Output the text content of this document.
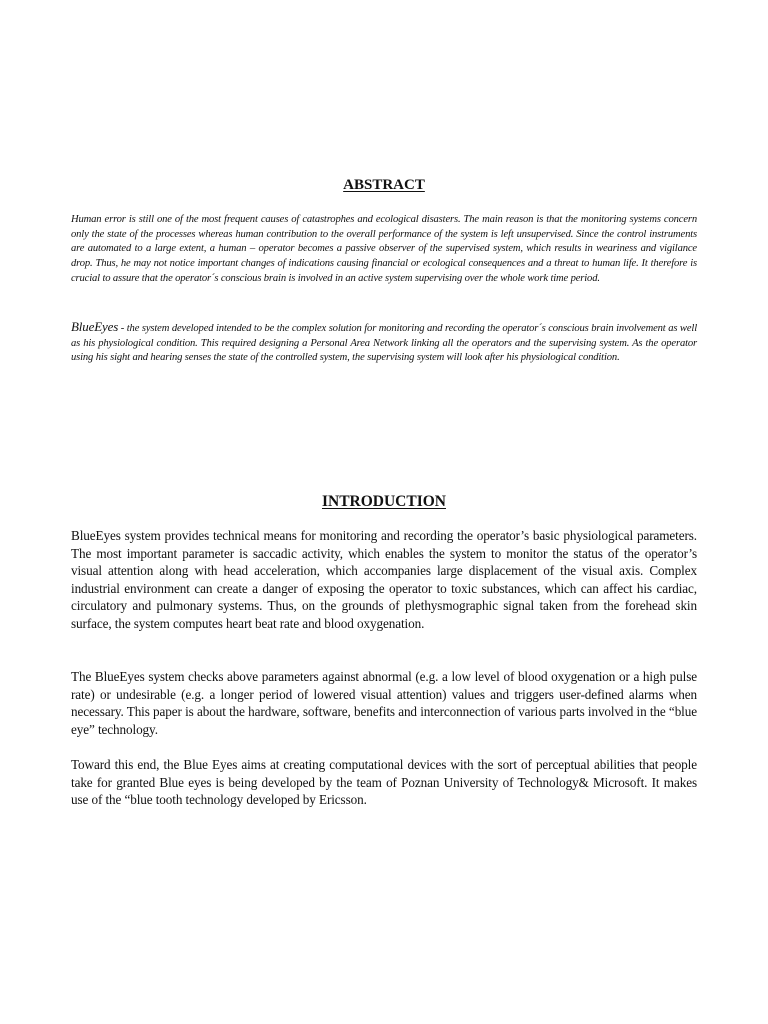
ABSTRACT

Human error is still one of the most frequent causes of catastrophes and ecological disasters. The main reason is that the monitoring systems concern only the state of the processes whereas human contribution to the overall performance of the system is left unsupervised. Since the control instruments are automated to a large extent, a human – operator becomes a passive observer of the supervised system, which results in weariness and vigilance drop. Thus, he may not notice important changes of indications causing financial or ecological consequences and a threat to human life. It therefore is crucial to assure that the operator´s conscious brain is involved in an active system supervising over the whole work time period.

BlueEyes - the system developed intended to be the complex solution for monitoring and recording the operator´s conscious brain involvement as well as his physiological condition. This required designing a Personal Area Network linking all the operators and the supervising system. As the operator using his sight and hearing senses the state of the controlled system, the supervising system will look after his physiological condition.

INTRODUCTION

BlueEyes system provides technical means for monitoring and recording the operator’s basic physiological parameters. The most important parameter is saccadic activity, which enables the system to monitor the status of the operator’s visual attention along with head acceleration, which accompanies large displacement of the visual axis. Complex industrial environment can create a danger of exposing the operator to toxic substances, which can affect his cardiac, circulatory and pulmonary systems. Thus, on the grounds of plethysmographic signal taken from the forehead skin surface, the system computes heart beat rate and blood oxygenation.

The BlueEyes system checks above parameters against abnormal (e.g. a low level of blood oxygenation or a high pulse rate) or undesirable (e.g. a longer period of lowered visual attention) values and triggers user-defined alarms when necessary. This paper is about the hardware, software, benefits and interconnection of various parts involved in the “blue eye” technology.

Toward this end, the Blue Eyes aims at creating computational devices with the sort of perceptual abilities that people take for granted Blue eyes is being developed by the team of Poznan University of Technology& Microsoft. It makes use of the “blue tooth technology developed by Ericsson.
